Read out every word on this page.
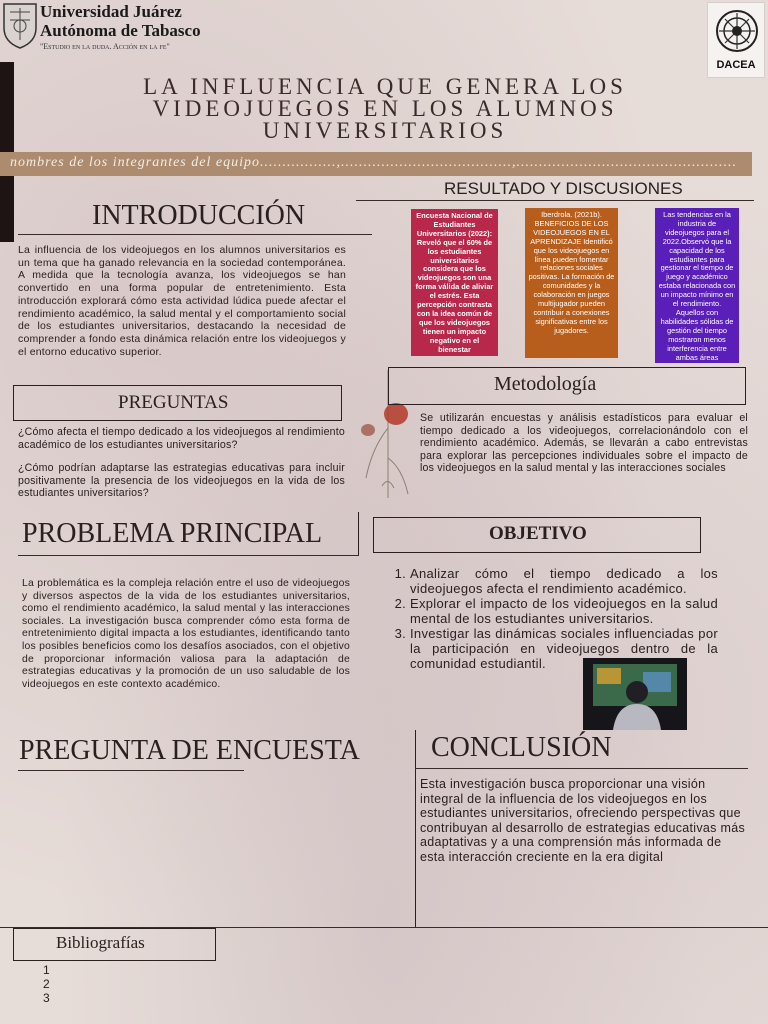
Universidad Juárez
Autónoma de Tabasco
"Estudio en la duda. Acción en la fe"
DACEA
LA INFLUENCIA QUE GENERA LOS
VIDEOJUEGOS EN LOS ALUMNOS
UNIVERSITARIOS
nombres de los integrantes del equipo.................,......................................,.................................................
INTRODUCCIÓN
La influencia de los videojuegos en los alumnos universitarios es un tema que ha ganado relevancia en la sociedad contemporánea. A medida que la tecnología avanza, los videojuegos se han convertido en una forma popular de entretenimiento. Esta introducción explorará cómo esta actividad lúdica puede afectar el rendimiento académico, la salud mental y el comportamiento social de los estudiantes universitarios, destacando la necesidad de comprender a fondo esta dinámica relación entre los videojuegos y el entorno educativo superior.
RESULTADO Y DISCUSIONES
Encuesta Nacional de Estudiantes Universitarios (2022): Reveló que el 60% de los estudiantes universitarios considera que los videojuegos son una forma válida de aliviar el estrés. Esta percepción contrasta con la idea común de que los videojuegos tienen un impacto negativo en el bienestar
Iberdrola. (2021b). BENEFICIOS DE LOS VIDEOJUEGOS EN EL APRENDIZAJE Identificó que los videojuegos en línea pueden fomentar relaciones sociales positivas. La formación de comunidades y la colaboración en juegos multijugador pueden contribuir a conexiones significativas entre los jugadores.
Las tendencias en la industria de videojuegos para el 2022.Observó que la capacidad de los estudiantes para gestionar el tiempo de juego y académico estaba relacionada con un impacto mínimo en el rendimiento. Aquellos con habilidades sólidas de gestión del tiempo mostraron menos interferencia entre ambas áreas
PREGUNTAS
¿Cómo afecta el tiempo dedicado a los videojuegos al rendimiento académico de los estudiantes universitarios?
¿Cómo podrían adaptarse las estrategias educativas para incluir positivamente la presencia de los videojuegos en la vida de los estudiantes universitarios?
Metodología
Se utilizarán encuestas y análisis estadísticos para evaluar el tiempo dedicado a los videojuegos, correlacionándolo con el rendimiento académico. Además, se llevarán a cabo entrevistas para explorar las percepciones individuales sobre el impacto de los videojuegos en la salud mental y las interacciones sociales
PROBLEMA PRINCIPAL
La problemática es la compleja relación entre el uso de videojuegos y diversos aspectos de la vida de los estudiantes universitarios, como el rendimiento académico, la salud mental y las interacciones sociales. La investigación busca comprender cómo esta forma de entretenimiento digital impacta a los estudiantes, identificando tanto los posibles beneficios como los desafíos asociados, con el objetivo de proporcionar información valiosa para la adaptación de estrategias educativas y la promoción de un uso saludable de los videojuegos en este contexto académico.
OBJETIVO
1. Analizar cómo el tiempo dedicado a los videojuegos afecta el rendimiento académico.
2. Explorar el impacto de los videojuegos en la salud mental de los estudiantes universitarios.
3. Investigar las dinámicas sociales influenciadas por la participación en videojuegos dentro de la comunidad estudiantil.
PREGUNTA DE ENCUESTA	CONCLUSIÓN
Esta investigación busca proporcionar una visión integral de la influencia de los videojuegos en los estudiantes universitarios, ofreciendo perspectivas que contribuyan al desarrollo de estrategias educativas más adaptativas y a una comprensión más informada de esta interacción creciente en la era digital
Bibliografías
1
2
3
